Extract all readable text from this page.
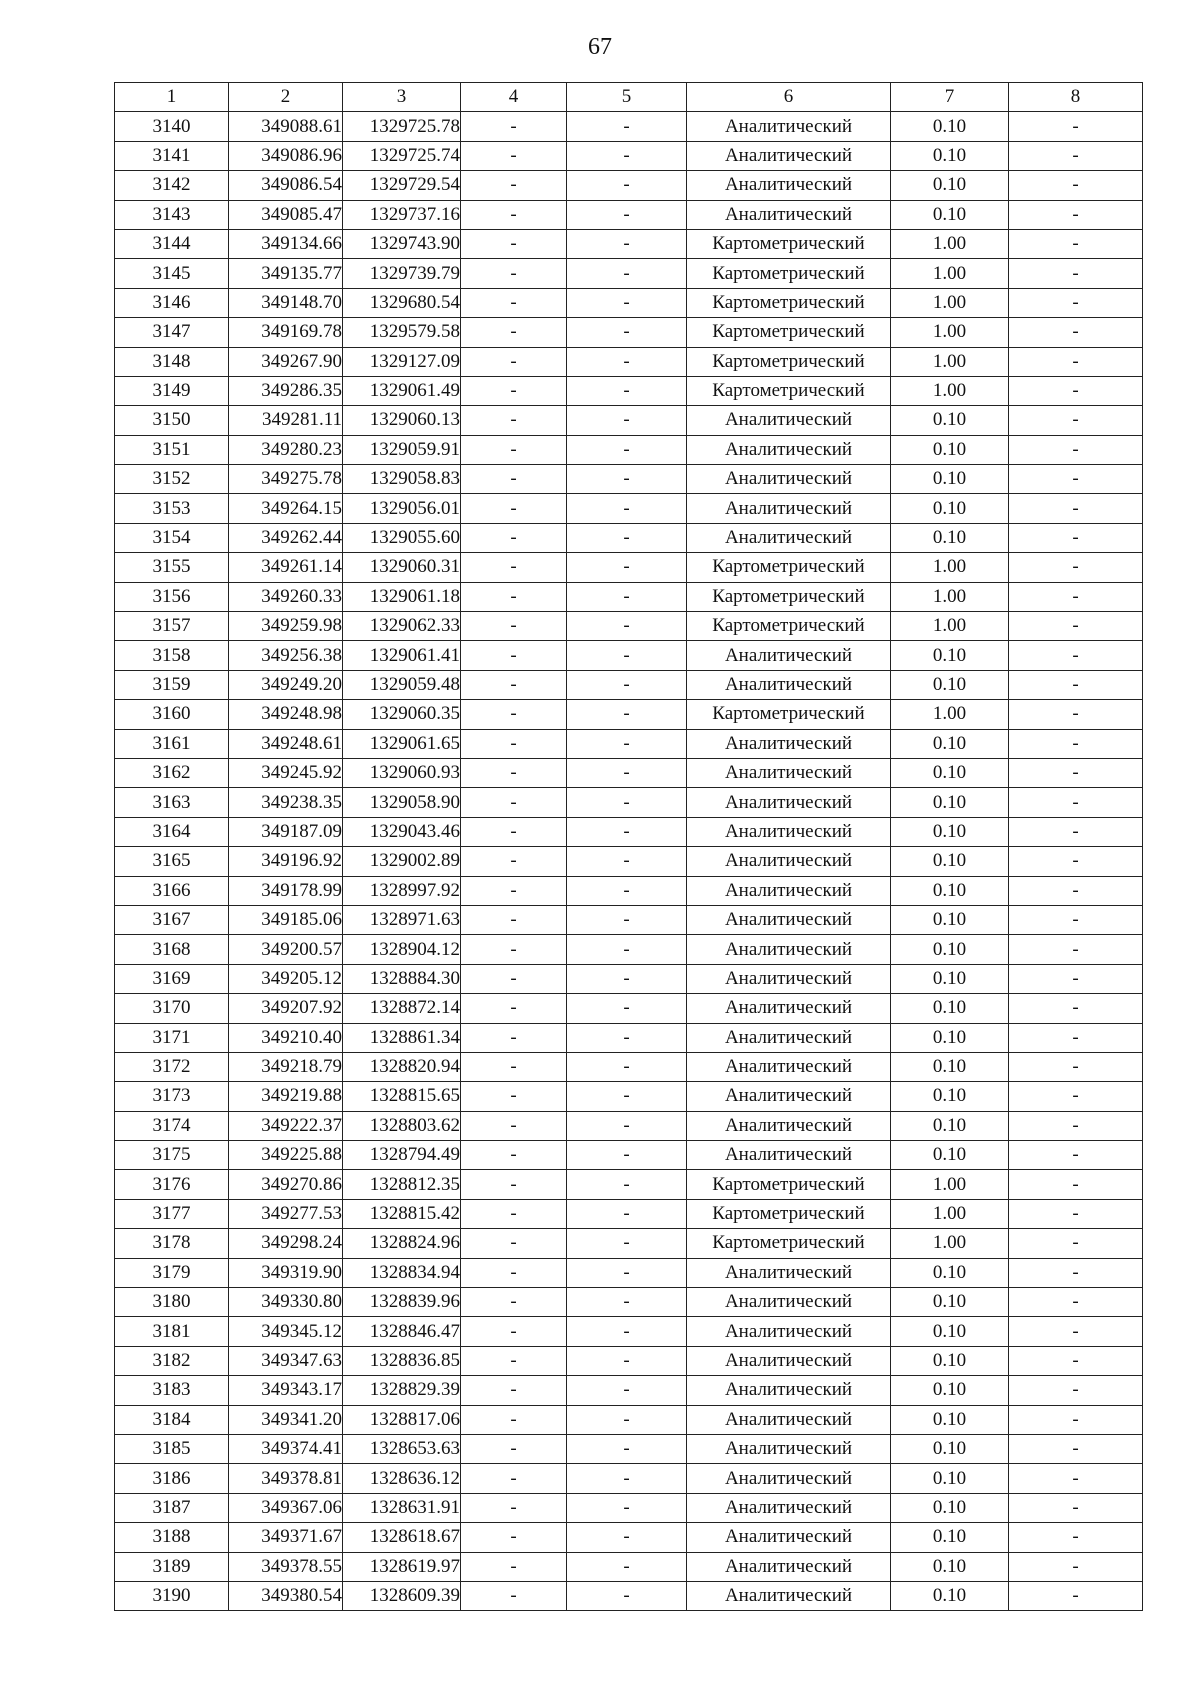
67
1	2	3	4	5	6	7	8
3140	349088.61	1329725.78	-	-	Аналитический	0.10	-
3141	349086.96	1329725.74	-	-	Аналитический	0.10	-
3142	349086.54	1329729.54	-	-	Аналитический	0.10	-
3143	349085.47	1329737.16	-	-	Аналитический	0.10	-
3144	349134.66	1329743.90	-	-	Картометрический	1.00	-
3145	349135.77	1329739.79	-	-	Картометрический	1.00	-
3146	349148.70	1329680.54	-	-	Картометрический	1.00	-
3147	349169.78	1329579.58	-	-	Картометрический	1.00	-
3148	349267.90	1329127.09	-	-	Картометрический	1.00	-
3149	349286.35	1329061.49	-	-	Картометрический	1.00	-
3150	349281.11	1329060.13	-	-	Аналитический	0.10	-
3151	349280.23	1329059.91	-	-	Аналитический	0.10	-
3152	349275.78	1329058.83	-	-	Аналитический	0.10	-
3153	349264.15	1329056.01	-	-	Аналитический	0.10	-
3154	349262.44	1329055.60	-	-	Аналитический	0.10	-
3155	349261.14	1329060.31	-	-	Картометрический	1.00	-
3156	349260.33	1329061.18	-	-	Картометрический	1.00	-
3157	349259.98	1329062.33	-	-	Картометрический	1.00	-
3158	349256.38	1329061.41	-	-	Аналитический	0.10	-
3159	349249.20	1329059.48	-	-	Аналитический	0.10	-
3160	349248.98	1329060.35	-	-	Картометрический	1.00	-
3161	349248.61	1329061.65	-	-	Аналитический	0.10	-
3162	349245.92	1329060.93	-	-	Аналитический	0.10	-
3163	349238.35	1329058.90	-	-	Аналитический	0.10	-
3164	349187.09	1329043.46	-	-	Аналитический	0.10	-
3165	349196.92	1329002.89	-	-	Аналитический	0.10	-
3166	349178.99	1328997.92	-	-	Аналитический	0.10	-
3167	349185.06	1328971.63	-	-	Аналитический	0.10	-
3168	349200.57	1328904.12	-	-	Аналитический	0.10	-
3169	349205.12	1328884.30	-	-	Аналитический	0.10	-
3170	349207.92	1328872.14	-	-	Аналитический	0.10	-
3171	349210.40	1328861.34	-	-	Аналитический	0.10	-
3172	349218.79	1328820.94	-	-	Аналитический	0.10	-
3173	349219.88	1328815.65	-	-	Аналитический	0.10	-
3174	349222.37	1328803.62	-	-	Аналитический	0.10	-
3175	349225.88	1328794.49	-	-	Аналитический	0.10	-
3176	349270.86	1328812.35	-	-	Картометрический	1.00	-
3177	349277.53	1328815.42	-	-	Картометрический	1.00	-
3178	349298.24	1328824.96	-	-	Картометрический	1.00	-
3179	349319.90	1328834.94	-	-	Аналитический	0.10	-
3180	349330.80	1328839.96	-	-	Аналитический	0.10	-
3181	349345.12	1328846.47	-	-	Аналитический	0.10	-
3182	349347.63	1328836.85	-	-	Аналитический	0.10	-
3183	349343.17	1328829.39	-	-	Аналитический	0.10	-
3184	349341.20	1328817.06	-	-	Аналитический	0.10	-
3185	349374.41	1328653.63	-	-	Аналитический	0.10	-
3186	349378.81	1328636.12	-	-	Аналитический	0.10	-
3187	349367.06	1328631.91	-	-	Аналитический	0.10	-
3188	349371.67	1328618.67	-	-	Аналитический	0.10	-
3189	349378.55	1328619.97	-	-	Аналитический	0.10	-
3190	349380.54	1328609.39	-	-	Аналитический	0.10	-
